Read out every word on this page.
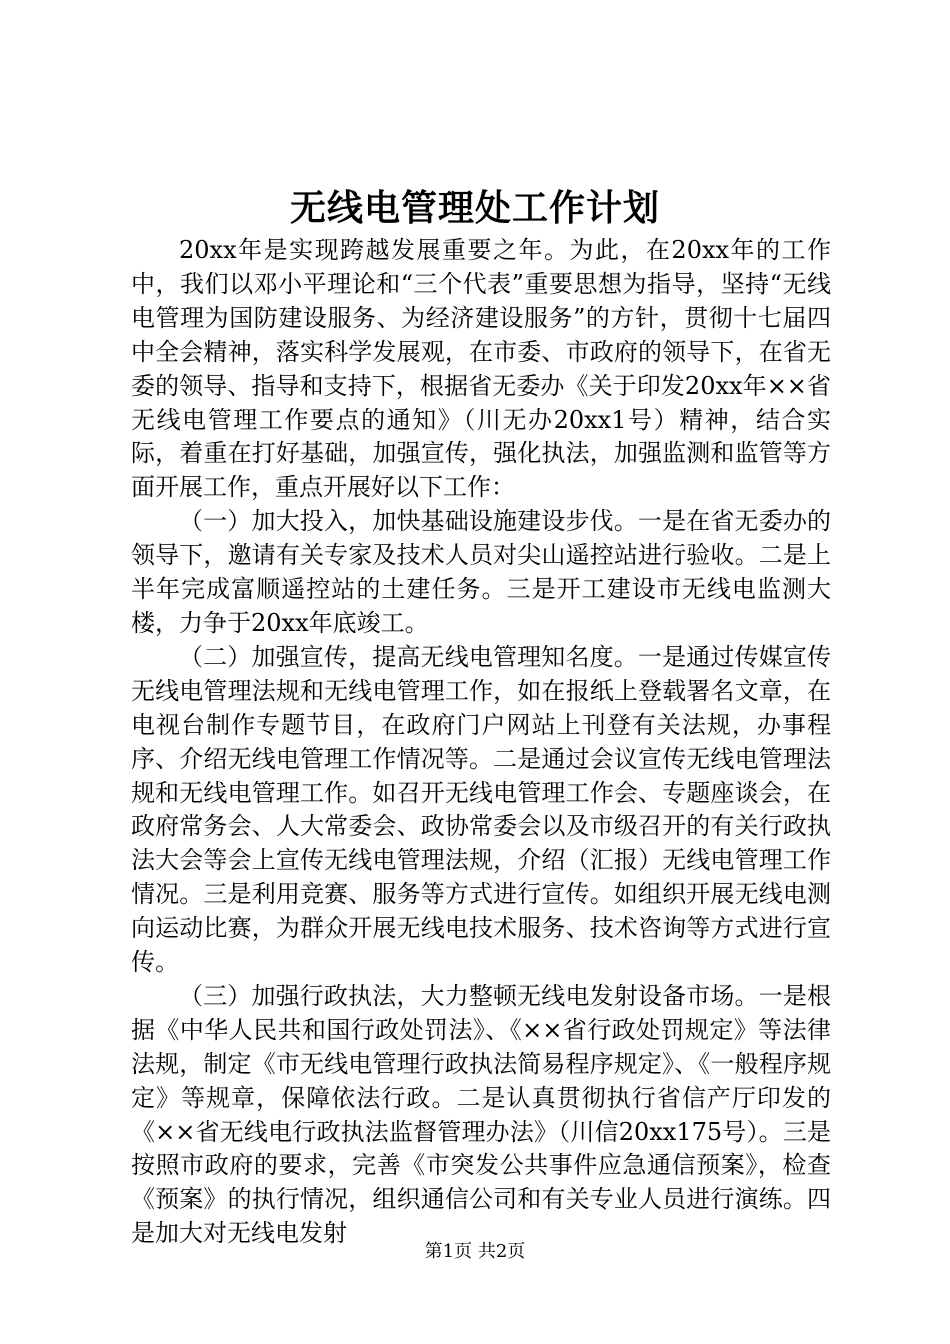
无线电管理处工作计划

20xx年是实现跨越发展重要之年。为此，在20xx年的工作中，我们以邓小平理论和“三个代表”重要思想为指导，坚持“无线电管理为国防建设服务、为经济建设服务”的方针，贯彻十七届四中全会精神，落实科学发展观，在市委、市政府的领导下，在省无委的领导、指导和支持下，根据省无委办《关于印发20xx年××省无线电管理工作要点的通知》（川无办20xx1号）精神，结合实际，着重在打好基础，加强宣传，强化执法，加强监测和监管等方面开展工作，重点开展好以下工作：

（一）加大投入，加快基础设施建设步伐。一是在省无委办的领导下，邀请有关专家及技术人员对尖山遥控站进行验收。二是上半年完成富顺遥控站的土建任务。三是开工建设市无线电监测大楼，力争于20xx年底竣工。

（二）加强宣传，提高无线电管理知名度。一是通过传媒宣传无线电管理法规和无线电管理工作，如在报纸上登载署名文章，在电视台制作专题节目，在政府门户网站上刊登有关法规，办事程序、介绍无线电管理工作情况等。二是通过会议宣传无线电管理法规和无线电管理工作。如召开无线电管理工作会、专题座谈会，在政府常务会、人大常委会、政协常委会以及市级召开的有关行政执法大会等会上宣传无线电管理法规，介绍（汇报）无线电管理工作情况。三是利用竞赛、服务等方式进行宣传。如组织开展无线电测向运动比赛，为群众开展无线电技术服务、技术咨询等方式进行宣传。

（三）加强行政执法，大力整顿无线电发射设备市场。一是根据《中华人民共和国行政处罚法》、《××省行政处罚规定》等法律法规，制定《市无线电管理行政执法简易程序规定》、《一般程序规定》等规章，保障依法行政。二是认真贯彻执行省信产厅印发的《××省无线电行政执法监督管理办法》（川信20xx175号）。三是按照市政府的要求，完善《市突发公共事件应急通信预案》，检查《预案》的执行情况，组织通信公司和有关专业人员进行演练。四是加大对无线电发射

第1页 共2页
